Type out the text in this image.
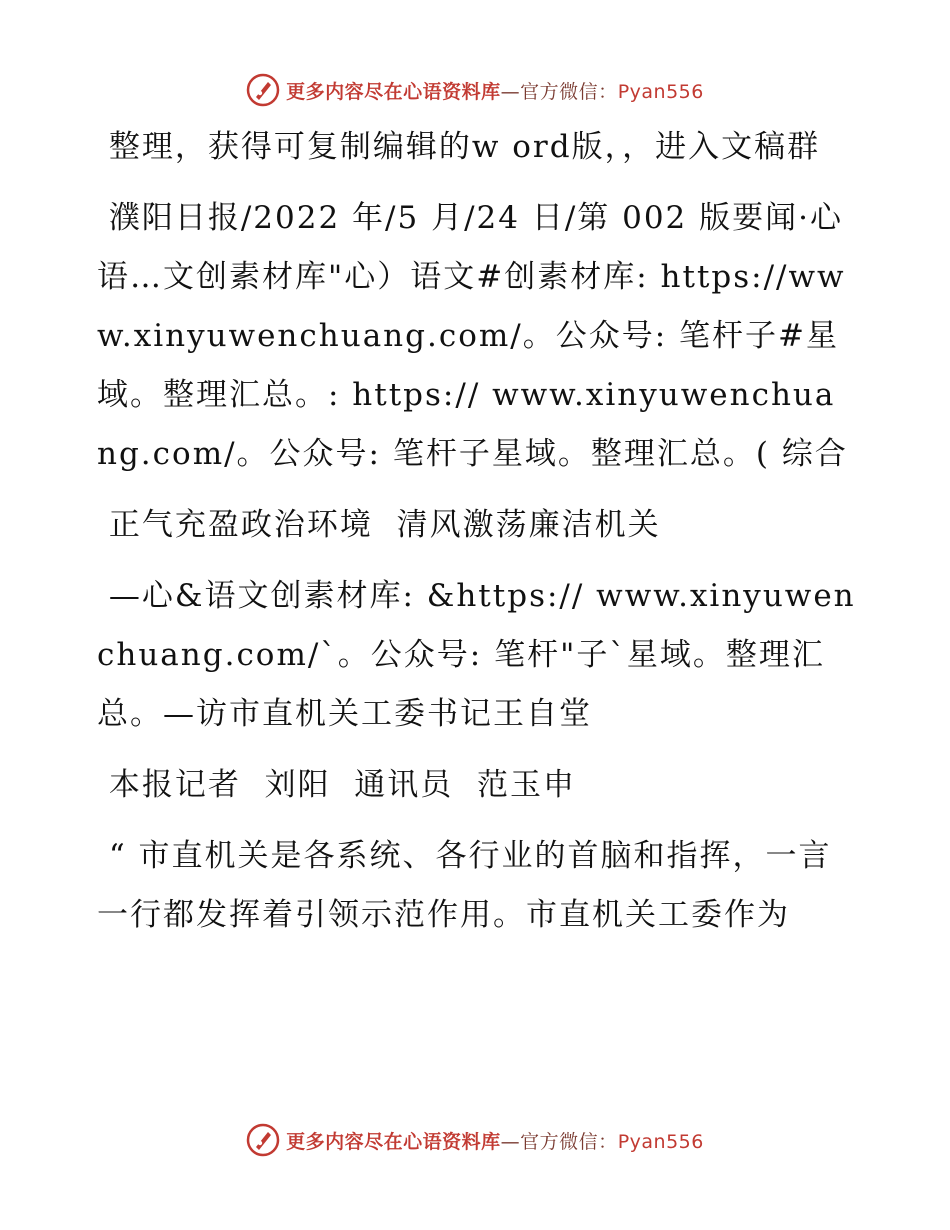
更多内容尽在心语资料库—官方微信：Pyan556

整理，获得可复制编辑的w ord版，，进入文稿群

濮阳日报/2022 年/5 月/24 日/第 002 版要闻·心语…文创素材库"心）语文#创素材库: https://www.xinyuwenchuang.com/。公众号: 笔杆子#星域。整理汇总。: https:// www.xinyuwenchuang.com/。公众号: 笔杆子星域。整理汇总。( 综合

正气充盈政治环境  清风激荡廉洁机关

—心&语文创素材库: &https:// www.xinyuwenchuang.com/`。公众号: 笔杆"子`星域。整理汇总。—访市直机关工委书记王自堂

本报记者  刘阳  通讯员  范玉申

“ 市直机关是各系统、各行业的首脑和指挥，一言一行都发挥着引领示范作用。市直机关工委作为

更多内容尽在心语资料库—官方微信：Pyan556
